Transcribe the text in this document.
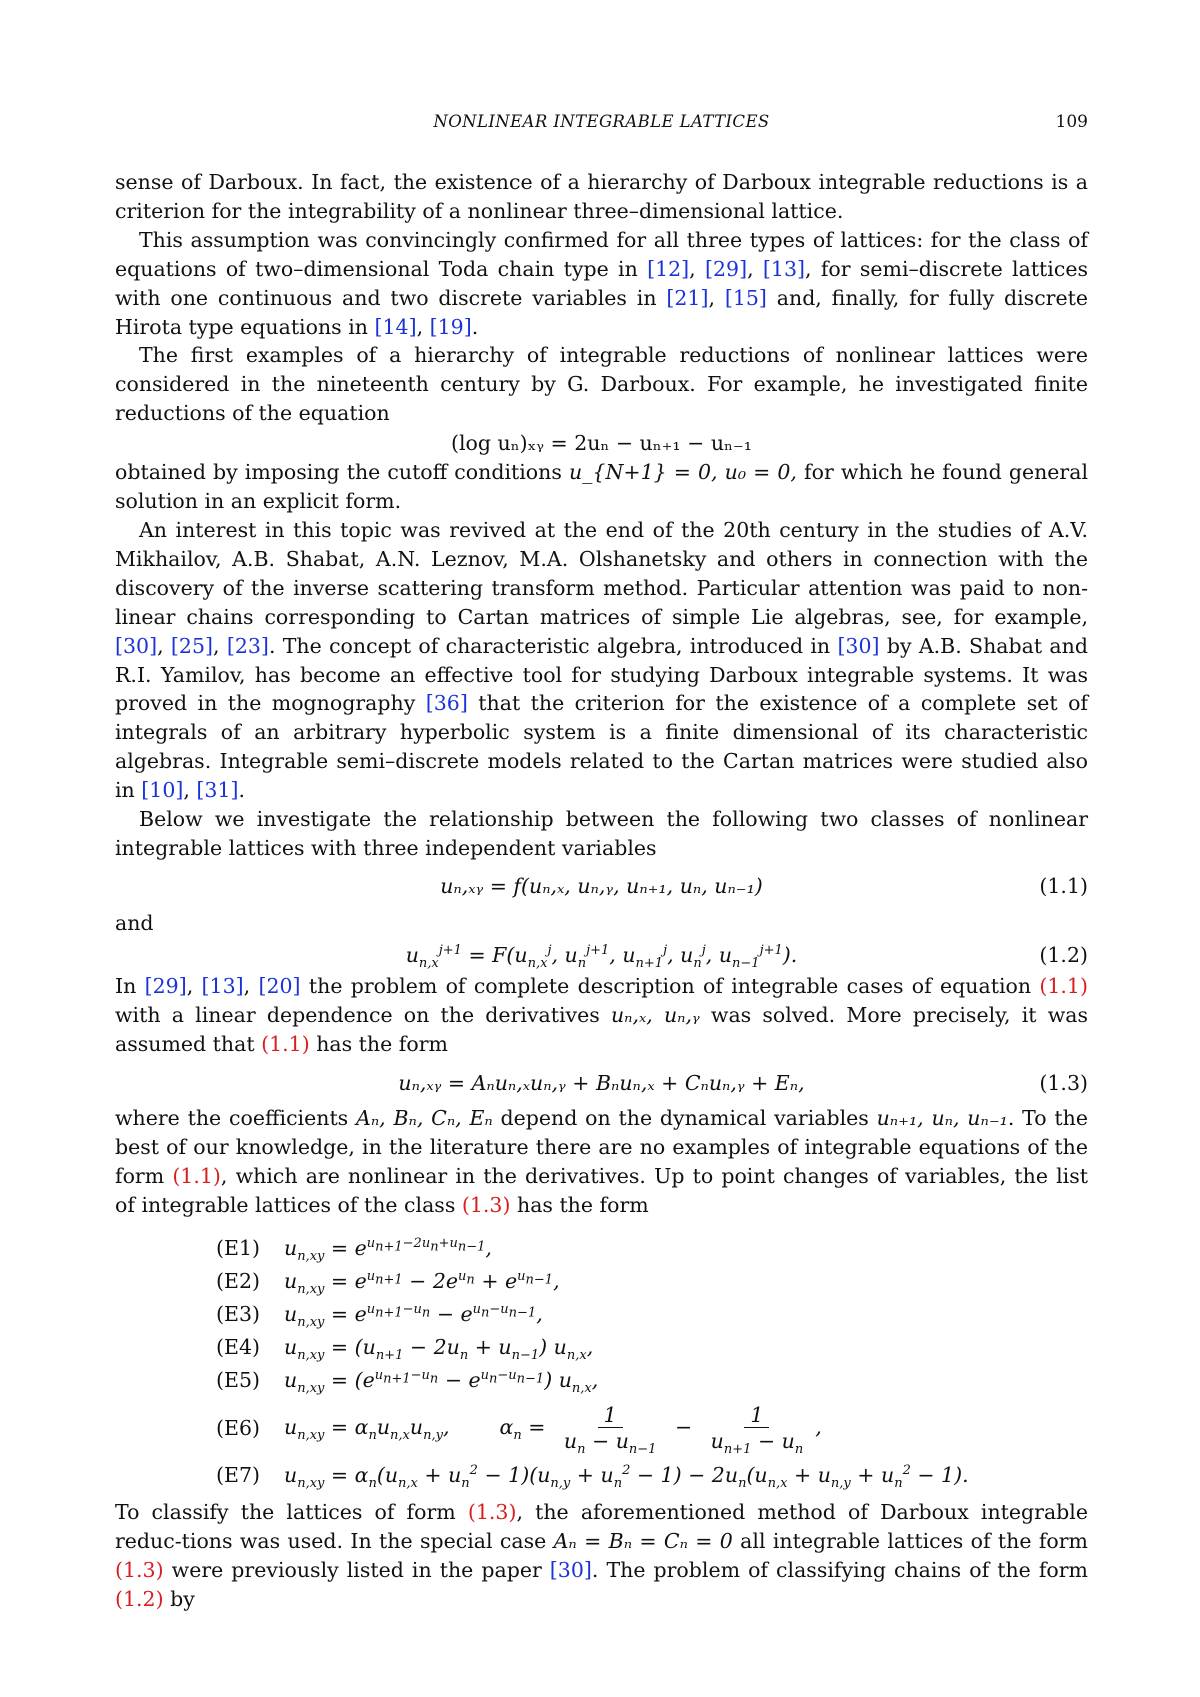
NONLINEAR INTEGRABLE LATTICES	109

sense of Darboux. In fact, the existence of a hierarchy of Darboux integrable reductions is a criterion for the integrability of a nonlinear three–dimensional lattice.

This assumption was convincingly confirmed for all three types of lattices: for the class of equations of two–dimensional Toda chain type in [12], [29], [13], for semi–discrete lattices with one continuous and two discrete variables in [21], [15] and, finally, for fully discrete Hirota type equations in [14], [19].

The first examples of a hierarchy of integrable reductions of nonlinear lattices were considered in the nineteenth century by G. Darboux. For example, he investigated finite reductions of the equation

(log uₙ)ₓᵧ = 2uₙ − uₙ₊₁ − uₙ₋₁

obtained by imposing the cutoff conditions u_{N+1} = 0, u₀ = 0, for which he found general solution in an explicit form.

An interest in this topic was revived at the end of the 20th century in the studies of A.V. Mikhailov, A.B. Shabat, A.N. Leznov, M.A. Olshanetsky and others in connection with the discovery of the inverse scattering transform method. Particular attention was paid to non-linear chains corresponding to Cartan matrices of simple Lie algebras, see, for example, [30], [25], [23]. The concept of characteristic algebra, introduced in [30] by A.B. Shabat and R.I. Yamilov, has become an effective tool for studying Darboux integrable systems. It was proved in the mognography [36] that the criterion for the existence of a complete set of integrals of an arbitrary hyperbolic system is a finite dimensional of its characteristic algebras. Integrable semi–discrete models related to the Cartan matrices were studied also in [10], [31].

Below we investigate the relationship between the following two classes of nonlinear integrable lattices with three independent variables

uₙ,ₓᵧ = f(uₙ,ₓ, uₙ,ᵧ, uₙ₊₁, uₙ, uₙ₋₁)	(1.1)

and

$u_{n,x}^{j+1} = F(u_{n,x}^j$, $u_n^{j+1}$, $u_{n+1}^j$, $u_n^j$, $u_{n-1}^{j+1}$).	(1.2)

In [29], [13], [20] the problem of complete description of integrable cases of equation (1.1) with a linear dependence on the derivatives uₙ,ₓ, uₙ,ᵧ was solved. More precisely, it was assumed that (1.1) has the form

uₙ,ₓᵧ = Aₙuₙ,ₓuₙ,ᵧ + Bₙuₙ,ₓ + Cₙuₙ,ᵧ + Eₙ,	(1.3)

where the coefficients Aₙ, Bₙ, Cₙ, Eₙ depend on the dynamical variables uₙ₊₁, uₙ, uₙ₋₁. To the best of our knowledge, in the literature there are no examples of integrable equations of the form (1.1), which are nonlinear in the derivatives. Up to point changes of variables, the list of integrable lattices of the class (1.3) has the form

(E1)	$u_{n,xy} = e^{u_{n+1}-2u_n+u_{n-1}}$,
(E2)	$u_{n,xy} = e^{u_{n+1}} - 2e^{u_n} + e^{u_{n-1}}$,
(E3)	$u_{n,xy} = e^{u_{n+1}-u_n} - e^{u_n-u_{n-1}}$,
(E4)	$u_{n,xy} = (u_{n+1} - 2u_n + u_{n-1})$ $u_{n,x}$,
(E5)	$u_{n,xy} = (e^{u_{n+1}-u_n} - e^{u_n-u_{n-1}})$ $u_{n,x}$,
(E6)	$u_{n,xy} = \alpha_nu_{n,x}u_{n,y}$, $\alpha_n = \frac{1}{u_n - u_{n-1}} - \frac{1}{u_{n+1} - u_n}$ ,
(E7)	$u_{n,xy} = \alpha_n(u_{n,x} + u_n^2 - 1)(u_{n,y} + u_n^2 - 1) - 2u_n(u_{n,x} + u_{n,y} + u_n^2 - 1)$.

To classify the lattices of form (1.3), the aforementioned method of Darboux integrable reduc-tions was used. In the special case Aₙ = Bₙ = Cₙ = 0 all integrable lattices of the form (1.3) were previously listed in the paper [30]. The problem of classifying chains of the form (1.2) by
